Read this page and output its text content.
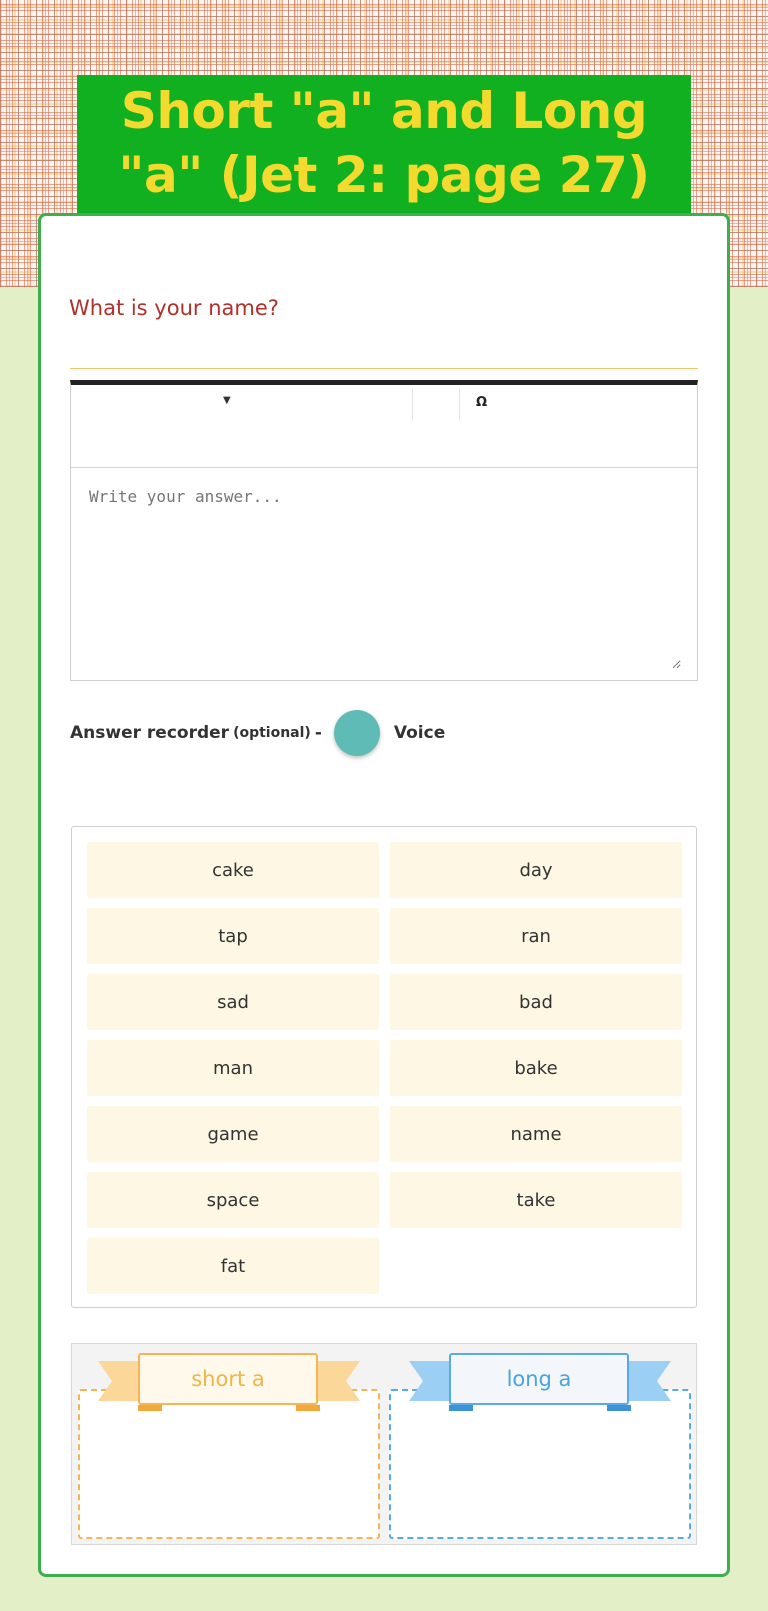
Short "a" and Long "a" (Jet 2: page 27)
What is your name?
▼	Ω
Write your answer...
Answer recorder (optional) -	Voice
cake	day
tap	ran
sad	bad
man	bake
game	name
space	take
fat
short a	long a
